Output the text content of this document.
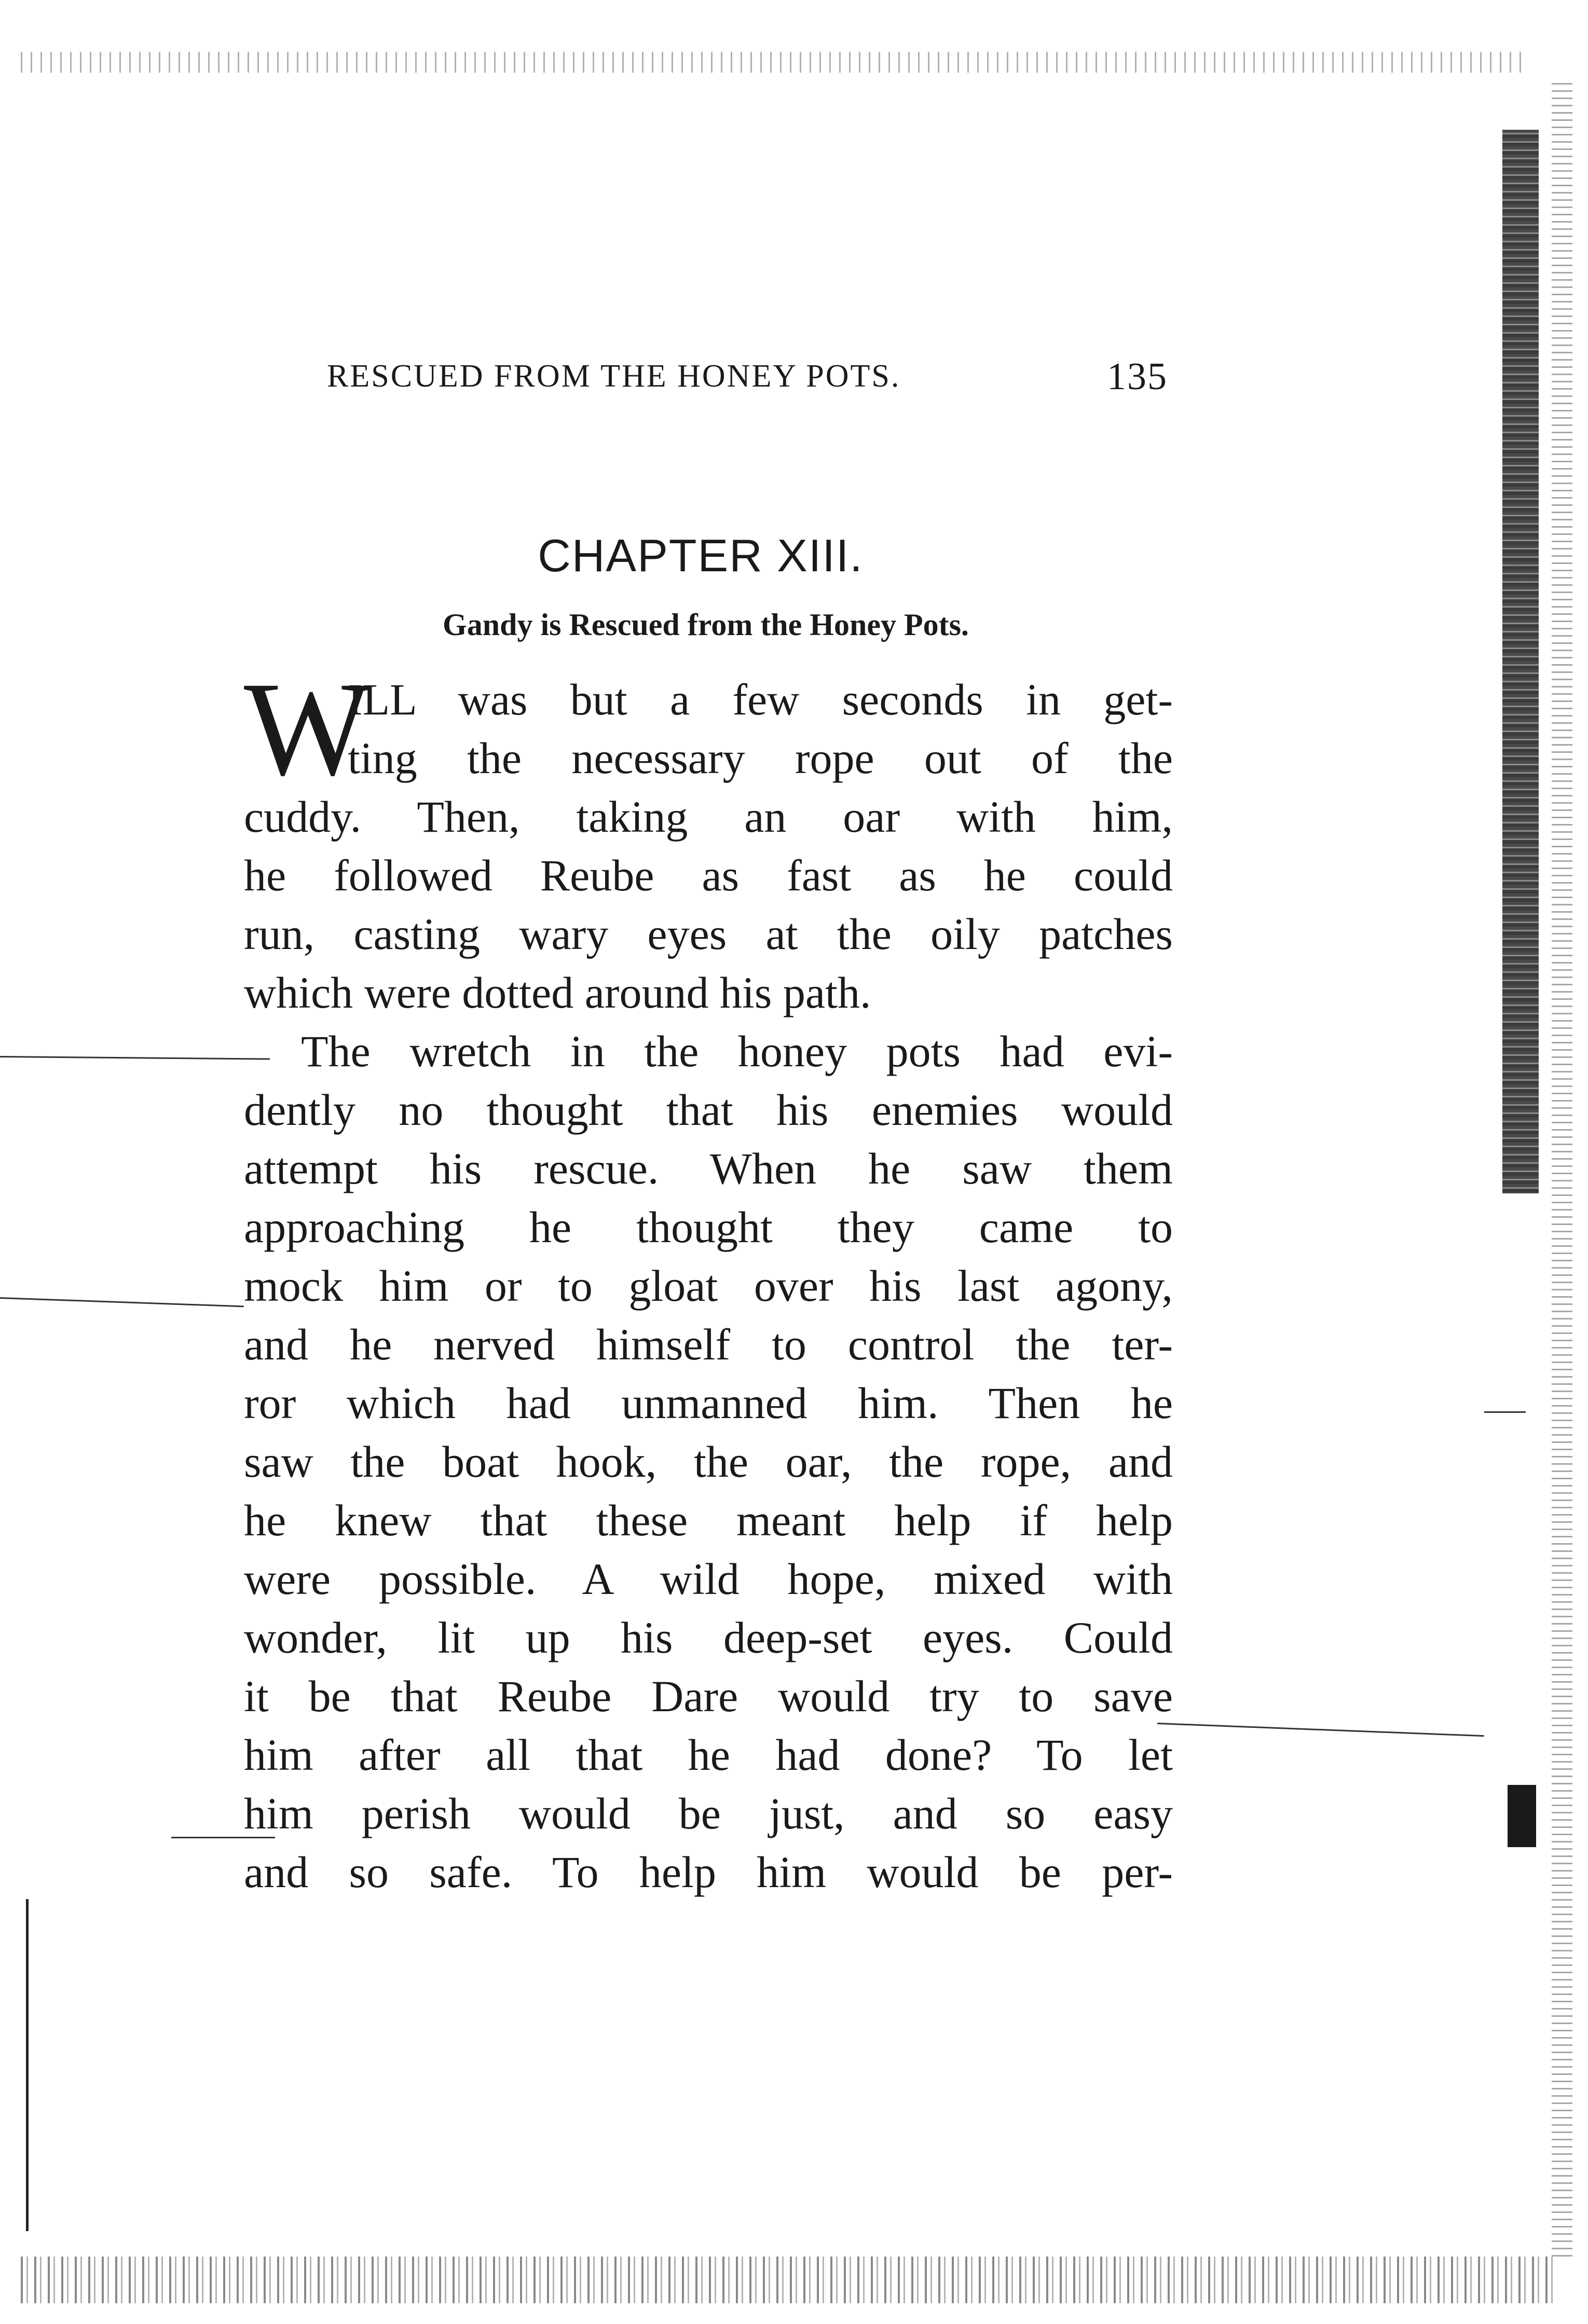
RESCUED FROM THE HONEY POTS.	135
CHAPTER XIII.
Gandy is Rescued from the Honey Pots.
W
ILL was but a few seconds in get-
ting the necessary rope out of the
cuddy. Then, taking an oar with him,
he followed Reube as fast as he could
run, casting wary eyes at the oily patches
which were dotted around his path.
The wretch in the honey pots had evi-
dently no thought that his enemies would
attempt his rescue. When he saw them
approaching he thought they came to
mock him or to gloat over his last agony,
and he nerved himself to control the ter-
ror which had unmanned him. Then he
saw the boat hook, the oar, the rope, and
he knew that these meant help if help
were possible. A wild hope, mixed with
wonder, lit up his deep-set eyes. Could
it be that Reube Dare would try to save
him after all that he had done? To let
him perish would be just, and so easy
and so safe. To help him would be per-
